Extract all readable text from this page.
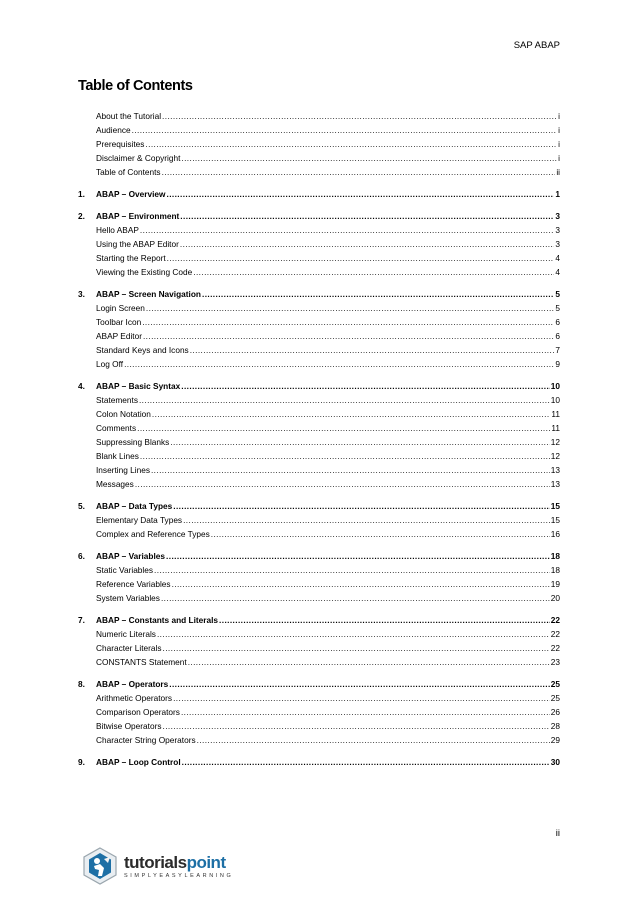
SAP ABAP
Table of Contents
About the Tutorial .....	i
Audience .....	i
Prerequisites .....	i
Disclaimer & Copyright .....	i
Table of Contents .....	ii
1.	ABAP – Overview .....	1
2.	ABAP – Environment .....	3
Hello ABAP .....	3
Using the ABAP Editor .....	3
Starting the Report .....	4
Viewing the Existing Code .....	4
3.	ABAP – Screen Navigation .....	5
Login Screen .....	5
Toolbar Icon .....	6
ABAP Editor .....	6
Standard Keys and Icons .....	7
Log Off .....	9
4.	ABAP – Basic Syntax .....	10
Statements .....	10
Colon Notation .....	11
Comments .....	11
Suppressing Blanks .....	12
Blank Lines .....	12
Inserting Lines .....	13
Messages .....	13
5.	ABAP – Data Types .....	15
Elementary Data Types .....	15
Complex and Reference Types .....	16
6.	ABAP – Variables .....	18
Static Variables .....	18
Reference Variables .....	19
System Variables .....	20
7.	ABAP – Constants and Literals .....	22
Numeric Literals .....	22
Character Literals .....	22
CONSTANTS Statement .....	23
8.	ABAP – Operators .....	25
Arithmetic Operators .....	25
Comparison Operators .....	26
Bitwise Operators .....	28
Character String Operators .....	29
9.	ABAP – Loop Control .....	30
ii
tutorialspoint
SIMPLYEASYLEARNING
